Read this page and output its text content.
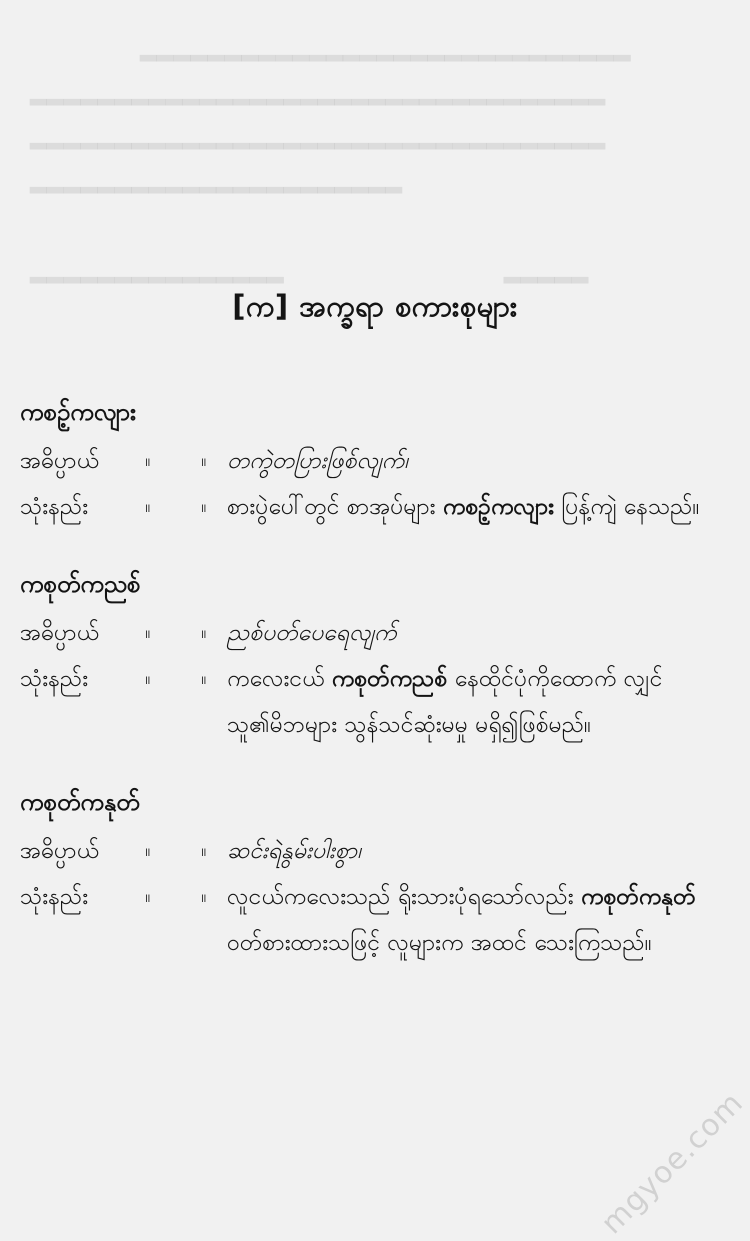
     ▂▂▂▂▂▂▂▂▂▂▂▂▂▂▂▂▂▂▂▂▂▂▂▂▂▂▂▂▂
▂▂▂▂▂▂▂▂▂▂▂▂▂▂▂▂▂▂▂▂▂▂▂▂▂▂▂▂▂▂▂▂▂▂
▂▂▂▂▂▂▂▂▂▂▂▂▂▂▂▂▂▂▂▂▂▂▂▂▂▂▂▂▂▂▂▂▂▂
▂▂▂▂▂▂▂▂▂▂▂▂▂▂▂▂▂▂▂▂▂▂
▂▂▂▂▂▂▂▂▂▂▂▂▂▂▂          ▂▂▂▂▂
[က] အက္ခရာ စကားစုများ
ကစဥ့်ကလျား
အဓိပ္ပာယ်	။	။ တကွဲတပြားဖြစ်လျက်၊
သုံးနည်း	။	။ စားပွဲပေါ်တွင် စာအုပ်များ ကစဥ့်ကလျား ပြန့်ကျဲ နေသည်။
ကစုတ်ကညစ်
အဓိပ္ပာယ်	။	။ ညစ်ပတ်ပေရေလျက်
သုံးနည်း	။	။ ကလေးငယ် ကစုတ်ကညစ် နေထိုင်ပုံကိုထောက် လျှင် သူ၏မိဘများ သွန်သင်ဆုံးမမှု မရှိ၍ဖြစ်မည်။
ကစုတ်ကနုတ်
အဓိပ္ပာယ်	။	။ ဆင်းရဲနွမ်းပါးစွာ၊
သုံးနည်း	။	။ လူငယ်ကလေးသည် ရိုးသားပုံရသော်လည်း ကစုတ်ကနုတ် ဝတ်စားထားသဖြင့် လူများက အထင် သေးကြသည်။
mgyoe.com
